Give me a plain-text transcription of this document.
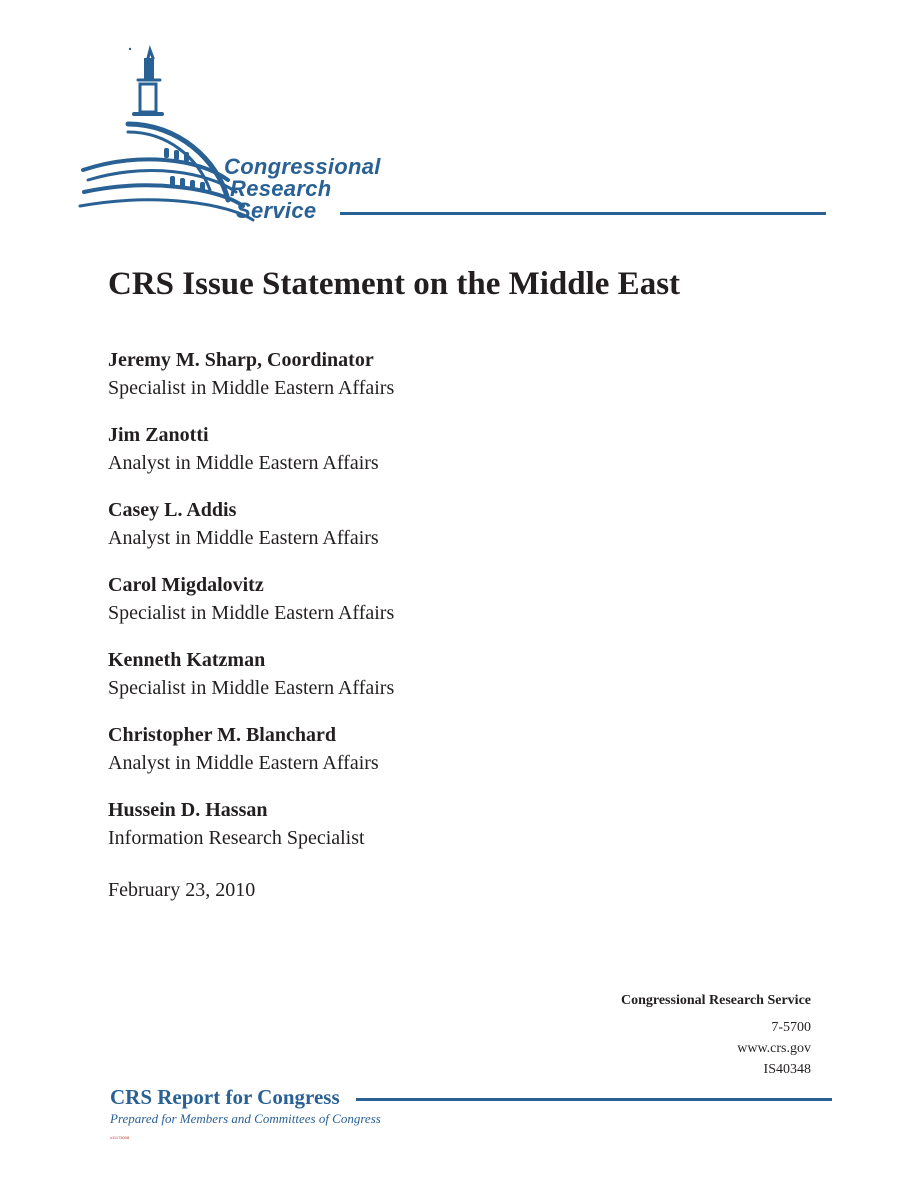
Congressional
Research
Service
CRS Issue Statement on the Middle East
Jeremy M. Sharp, Coordinator
Specialist in Middle Eastern Affairs
Jim Zanotti
Analyst in Middle Eastern Affairs
Casey L. Addis
Analyst in Middle Eastern Affairs
Carol Migdalovitz
Specialist in Middle Eastern Affairs
Kenneth Katzman
Specialist in Middle Eastern Affairs
Christopher M. Blanchard
Analyst in Middle Eastern Affairs
Hussein D. Hassan
Information Research Specialist
February 23, 2010
Congressional Research Service
7-5700
www.crs.gov
IS40348
CRS Report for Congress
Prepared for Members and Committees of Congress
c11173008
